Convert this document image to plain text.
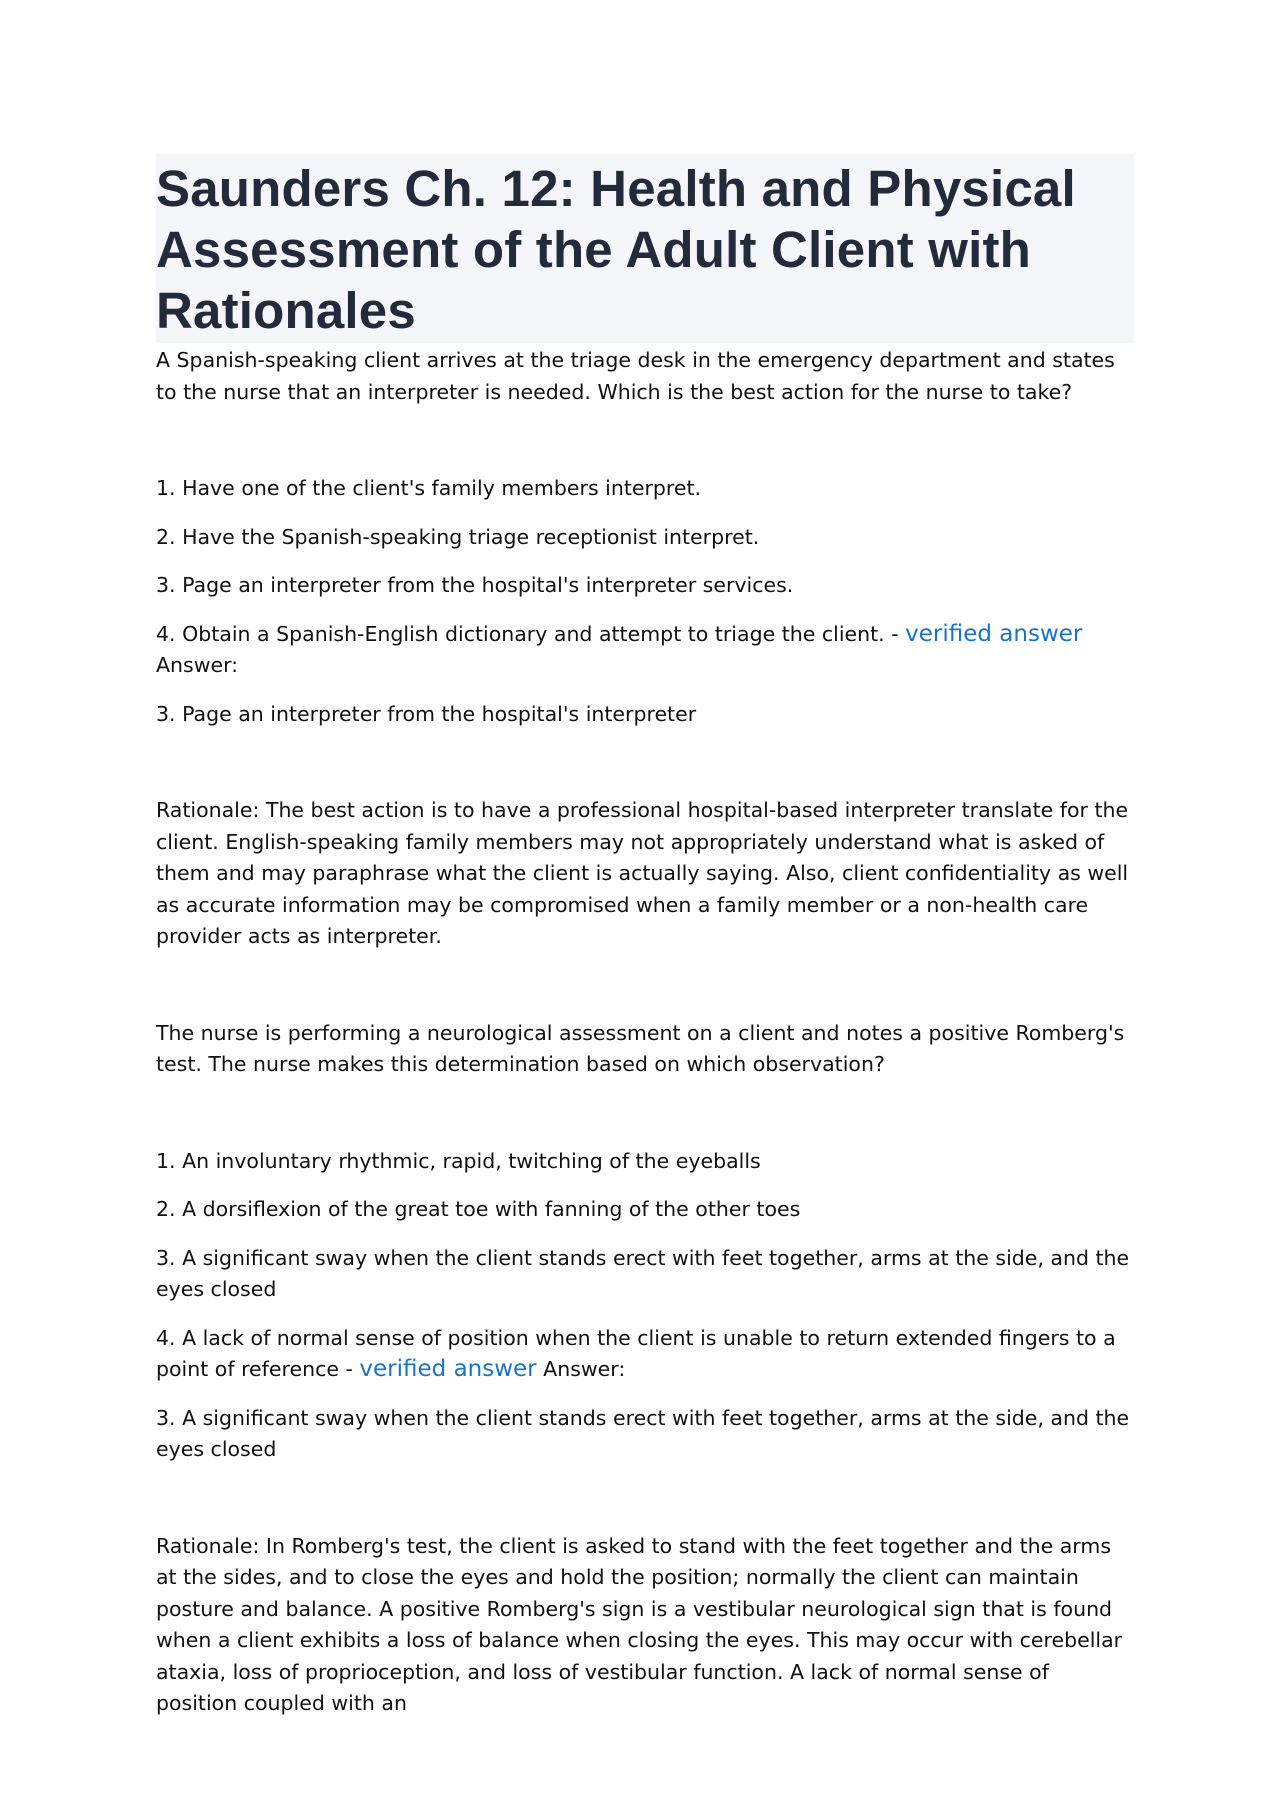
Saunders Ch. 12: Health and Physical Assessment of the Adult Client with Rationales

A Spanish-speaking client arrives at the triage desk in the emergency department and states to the nurse that an interpreter is needed. Which is the best action for the nurse to take?

1. Have one of the client's family members interpret.

2. Have the Spanish-speaking triage receptionist interpret.

3. Page an interpreter from the hospital's interpreter services.

4. Obtain a Spanish-English dictionary and attempt to triage the client. - verified answer Answer:

3. Page an interpreter from the hospital's interpreter

Rationale: The best action is to have a professional hospital-based interpreter translate for the client. English-speaking family members may not appropriately understand what is asked of them and may paraphrase what the client is actually saying. Also, client confidentiality as well as accurate information may be compromised when a family member or a non-health care provider acts as interpreter.

The nurse is performing a neurological assessment on a client and notes a positive Romberg's test. The nurse makes this determination based on which observation?

1. An involuntary rhythmic, rapid, twitching of the eyeballs

2. A dorsiflexion of the great toe with fanning of the other toes

3. A significant sway when the client stands erect with feet together, arms at the side, and the eyes closed

4. A lack of normal sense of position when the client is unable to return extended fingers to a point of reference - verified answer Answer:

3. A significant sway when the client stands erect with feet together, arms at the side, and the eyes closed

Rationale: In Romberg's test, the client is asked to stand with the feet together and the arms at the sides, and to close the eyes and hold the position; normally the client can maintain posture and balance. A positive Romberg's sign is a vestibular neurological sign that is found when a client exhibits a loss of balance when closing the eyes. This may occur with cerebellar ataxia, loss of proprioception, and loss of vestibular function. A lack of normal sense of position coupled with an
